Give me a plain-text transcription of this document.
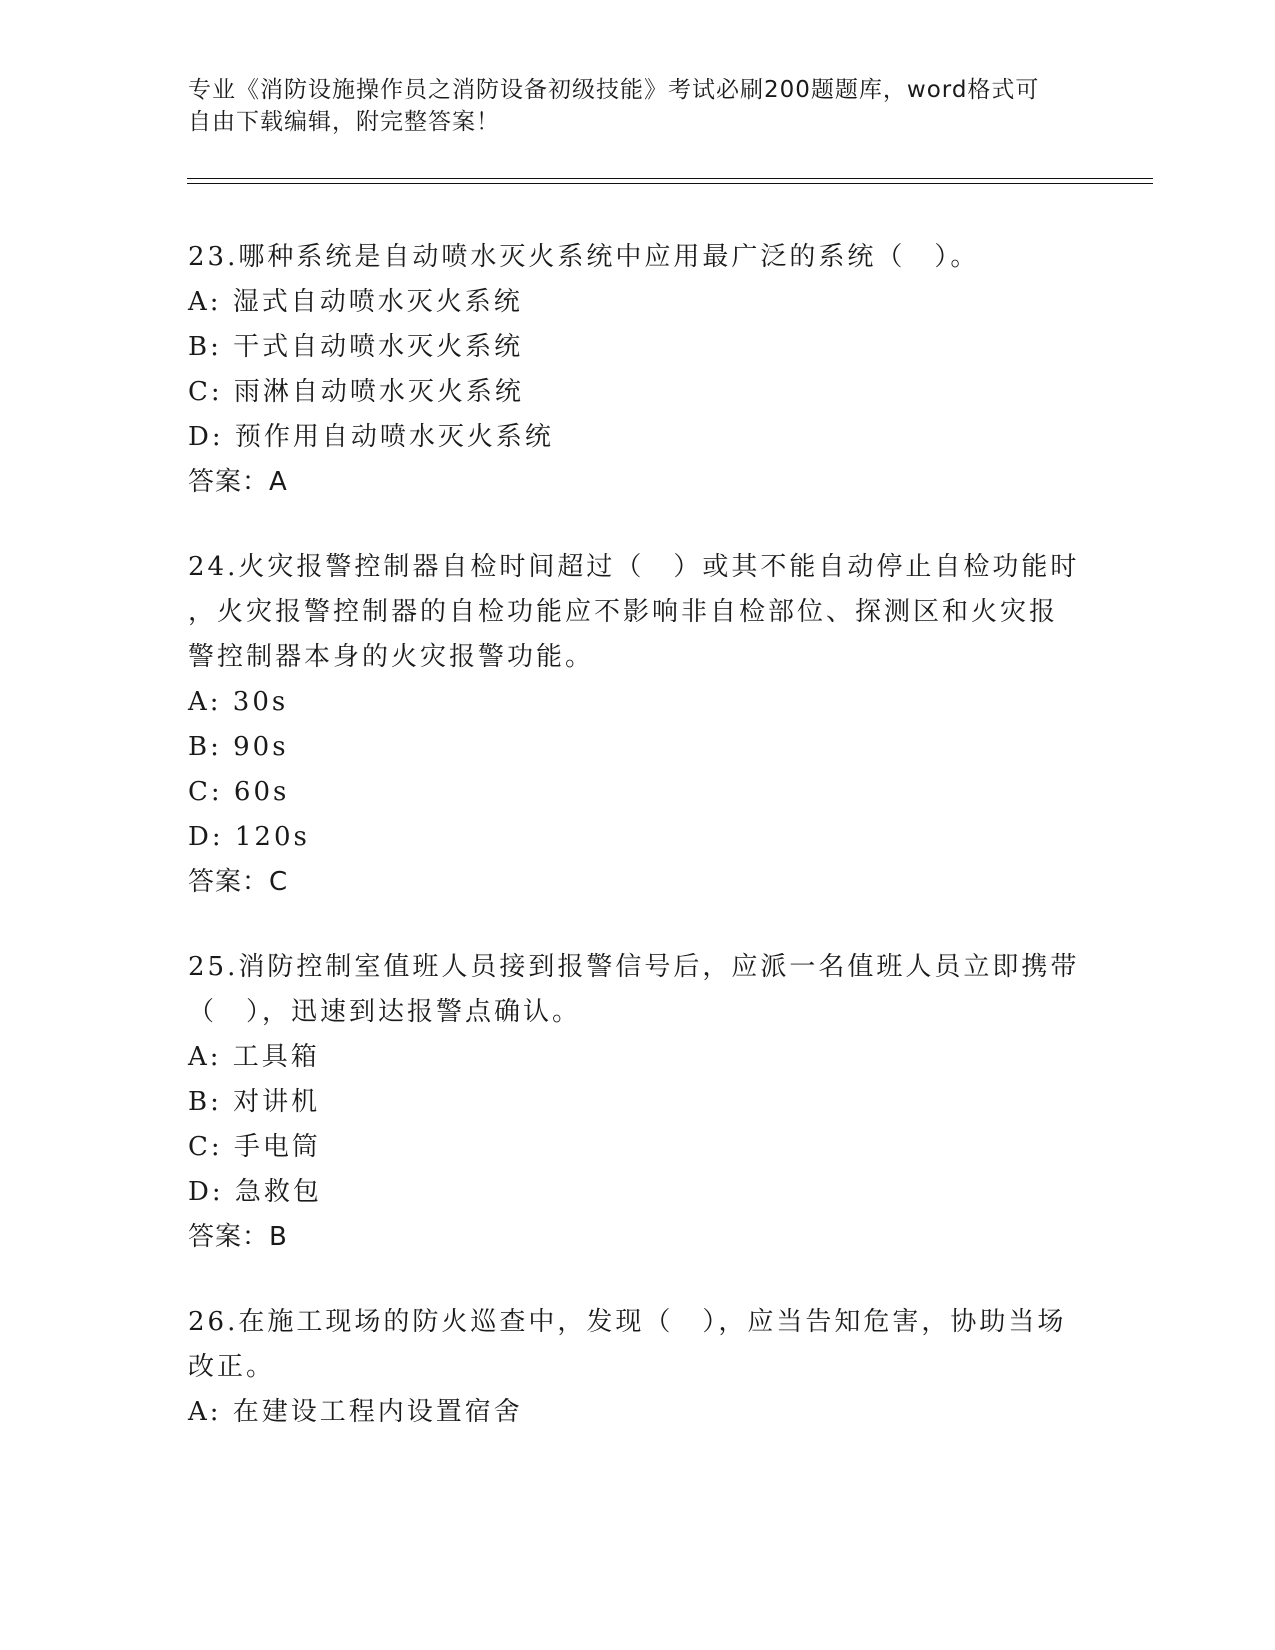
专业《消防设施操作员之消防设备初级技能》考试必刷200题题库，word格式可
自由下载编辑，附完整答案！
23.哪种系统是自动喷水灭火系统中应用最广泛的系统（　）。
A: 湿式自动喷水灭火系统
B: 干式自动喷水灭火系统
C: 雨淋自动喷水灭火系统
D: 预作用自动喷水灭火系统
答案：A
24.火灾报警控制器自检时间超过（　）或其不能自动停止自检功能时
，火灾报警控制器的自检功能应不影响非自检部位、探测区和火灾报
警控制器本身的火灾报警功能。
A: 30s
B: 90s
C: 60s
D: 120s
答案：C
25.消防控制室值班人员接到报警信号后，应派一名值班人员立即携带
（　），迅速到达报警点确认。
A: 工具箱
B: 对讲机
C: 手电筒
D: 急救包
答案：B
26.在施工现场的防火巡查中，发现（　），应当告知危害，协助当场
改正。
A: 在建设工程内设置宿舍
